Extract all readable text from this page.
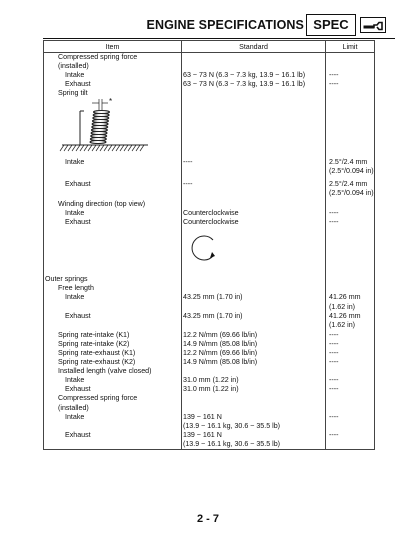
ENGINE SPECIFICATIONS SPEC
Item	Standard	Limit
Compressed spring force		
(installed)		
Intake	63 ~ 73 N (6.3 ~ 7.3 kg, 13.9 ~ 16.1 lb)	----
Exhaust	63 ~ 73 N (6.3 ~ 7.3 kg, 13.9 ~ 16.1 lb)	----
Spring tilt		

*		

Intake	----	2.5°/2.4 mm
		(2.5°/0.094 in)

Exhaust	----	2.5°/2.4 mm
		(2.5°/0.094 in)

Winding direction (top view)		
Intake	Counterclockwise	----
Exhaust	Counterclockwise	----

Outer springs		
Free length		
Intake	43.25 mm (1.70 in)	41.26 mm
		(1.62 in)
Exhaust	43.25 mm (1.70 in)	41.26 mm
		(1.62 in)

Spring rate-intake (K1)	12.2 N/mm (69.66 lb/in)	----
Spring rate-intake (K2)	14.9 N/mm (85.08 lb/in)	----
Spring rate-exhaust (K1)	12.2 N/mm (69.66 lb/in)	----
Spring rate-exhaust (K2)	14.9 N/mm (85.08 lb/in)	----
Installed length (valve closed)		
Intake	31.0 mm (1.22 in)	----
Exhaust	31.0 mm (1.22 in)	----
Compressed spring force		
(installed)		
Intake	139 ~ 161 N	----
	(13.9 ~ 16.1 kg, 30.6 ~ 35.5 lb)	
Exhaust	139 ~ 161 N	----
	(13.9 ~ 16.1 kg, 30.6 ~ 35.5 lb)	
2 - 7
